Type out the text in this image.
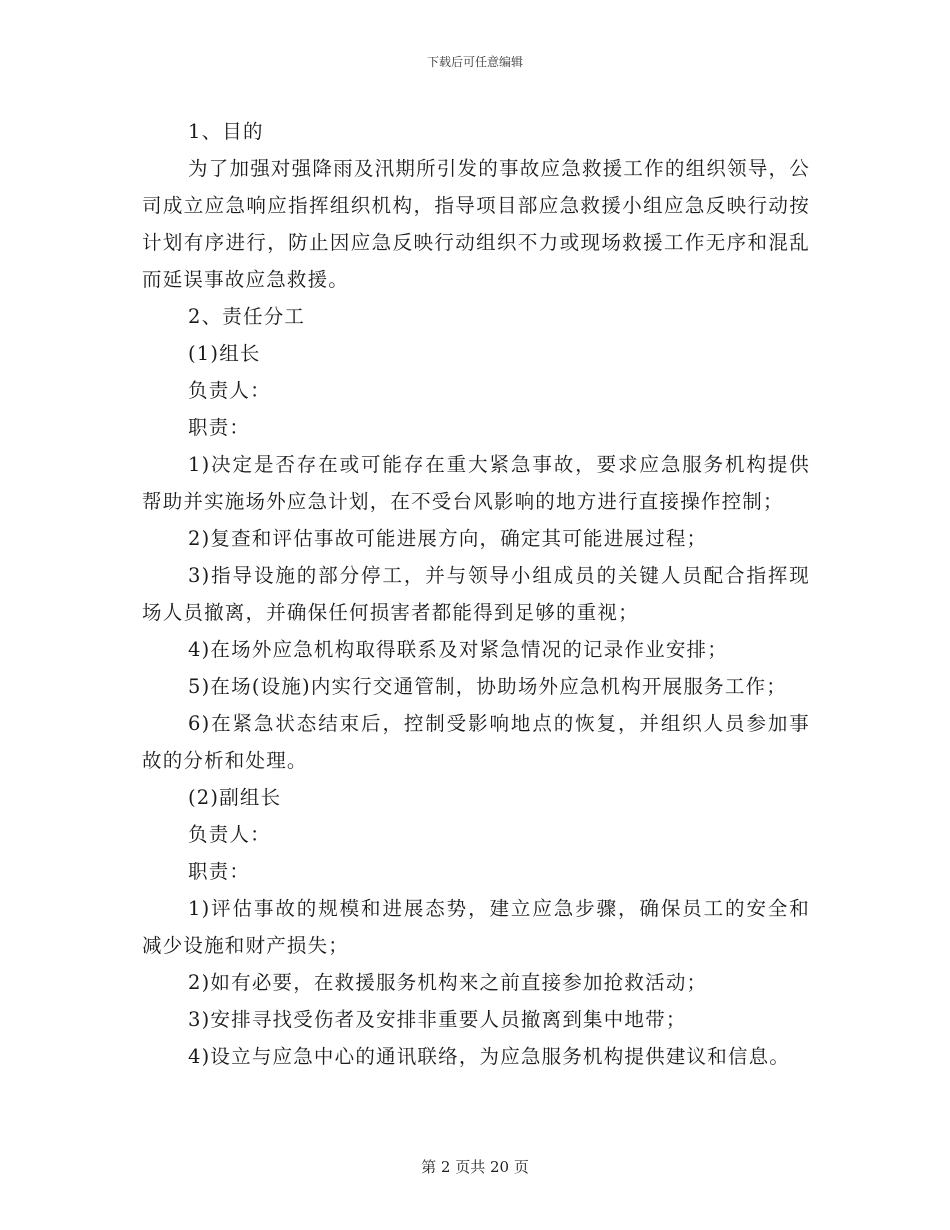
下载后可任意编辑

1、目的

为了加强对强降雨及汛期所引发的事故应急救援工作的组织领导，公司成立应急响应指挥组织机构，指导项目部应急救援小组应急反映行动按计划有序进行，防止因应急反映行动组织不力或现场救援工作无序和混乱而延误事故应急救援。

2、责任分工

(1)组长

负责人：

职责：

1)决定是否存在或可能存在重大紧急事故，要求应急服务机构提供帮助并实施场外应急计划，在不受台风影响的地方进行直接操作控制；

2)复查和评估事故可能进展方向，确定其可能进展过程；

3)指导设施的部分停工，并与领导小组成员的关键人员配合指挥现场人员撤离，并确保任何损害者都能得到足够的重视；

4)在场外应急机构取得联系及对紧急情况的记录作业安排；

5)在场(设施)内实行交通管制，协助场外应急机构开展服务工作；

6)在紧急状态结束后，控制受影响地点的恢复，并组织人员参加事故的分析和处理。

(2)副组长

负责人：

职责：

1)评估事故的规模和进展态势，建立应急步骤，确保员工的安全和减少设施和财产损失；

2)如有必要，在救援服务机构来之前直接参加抢救活动；

3)安排寻找受伤者及安排非重要人员撤离到集中地带；

4)设立与应急中心的通讯联络，为应急服务机构提供建议和信息。

第 2 页共 20 页
